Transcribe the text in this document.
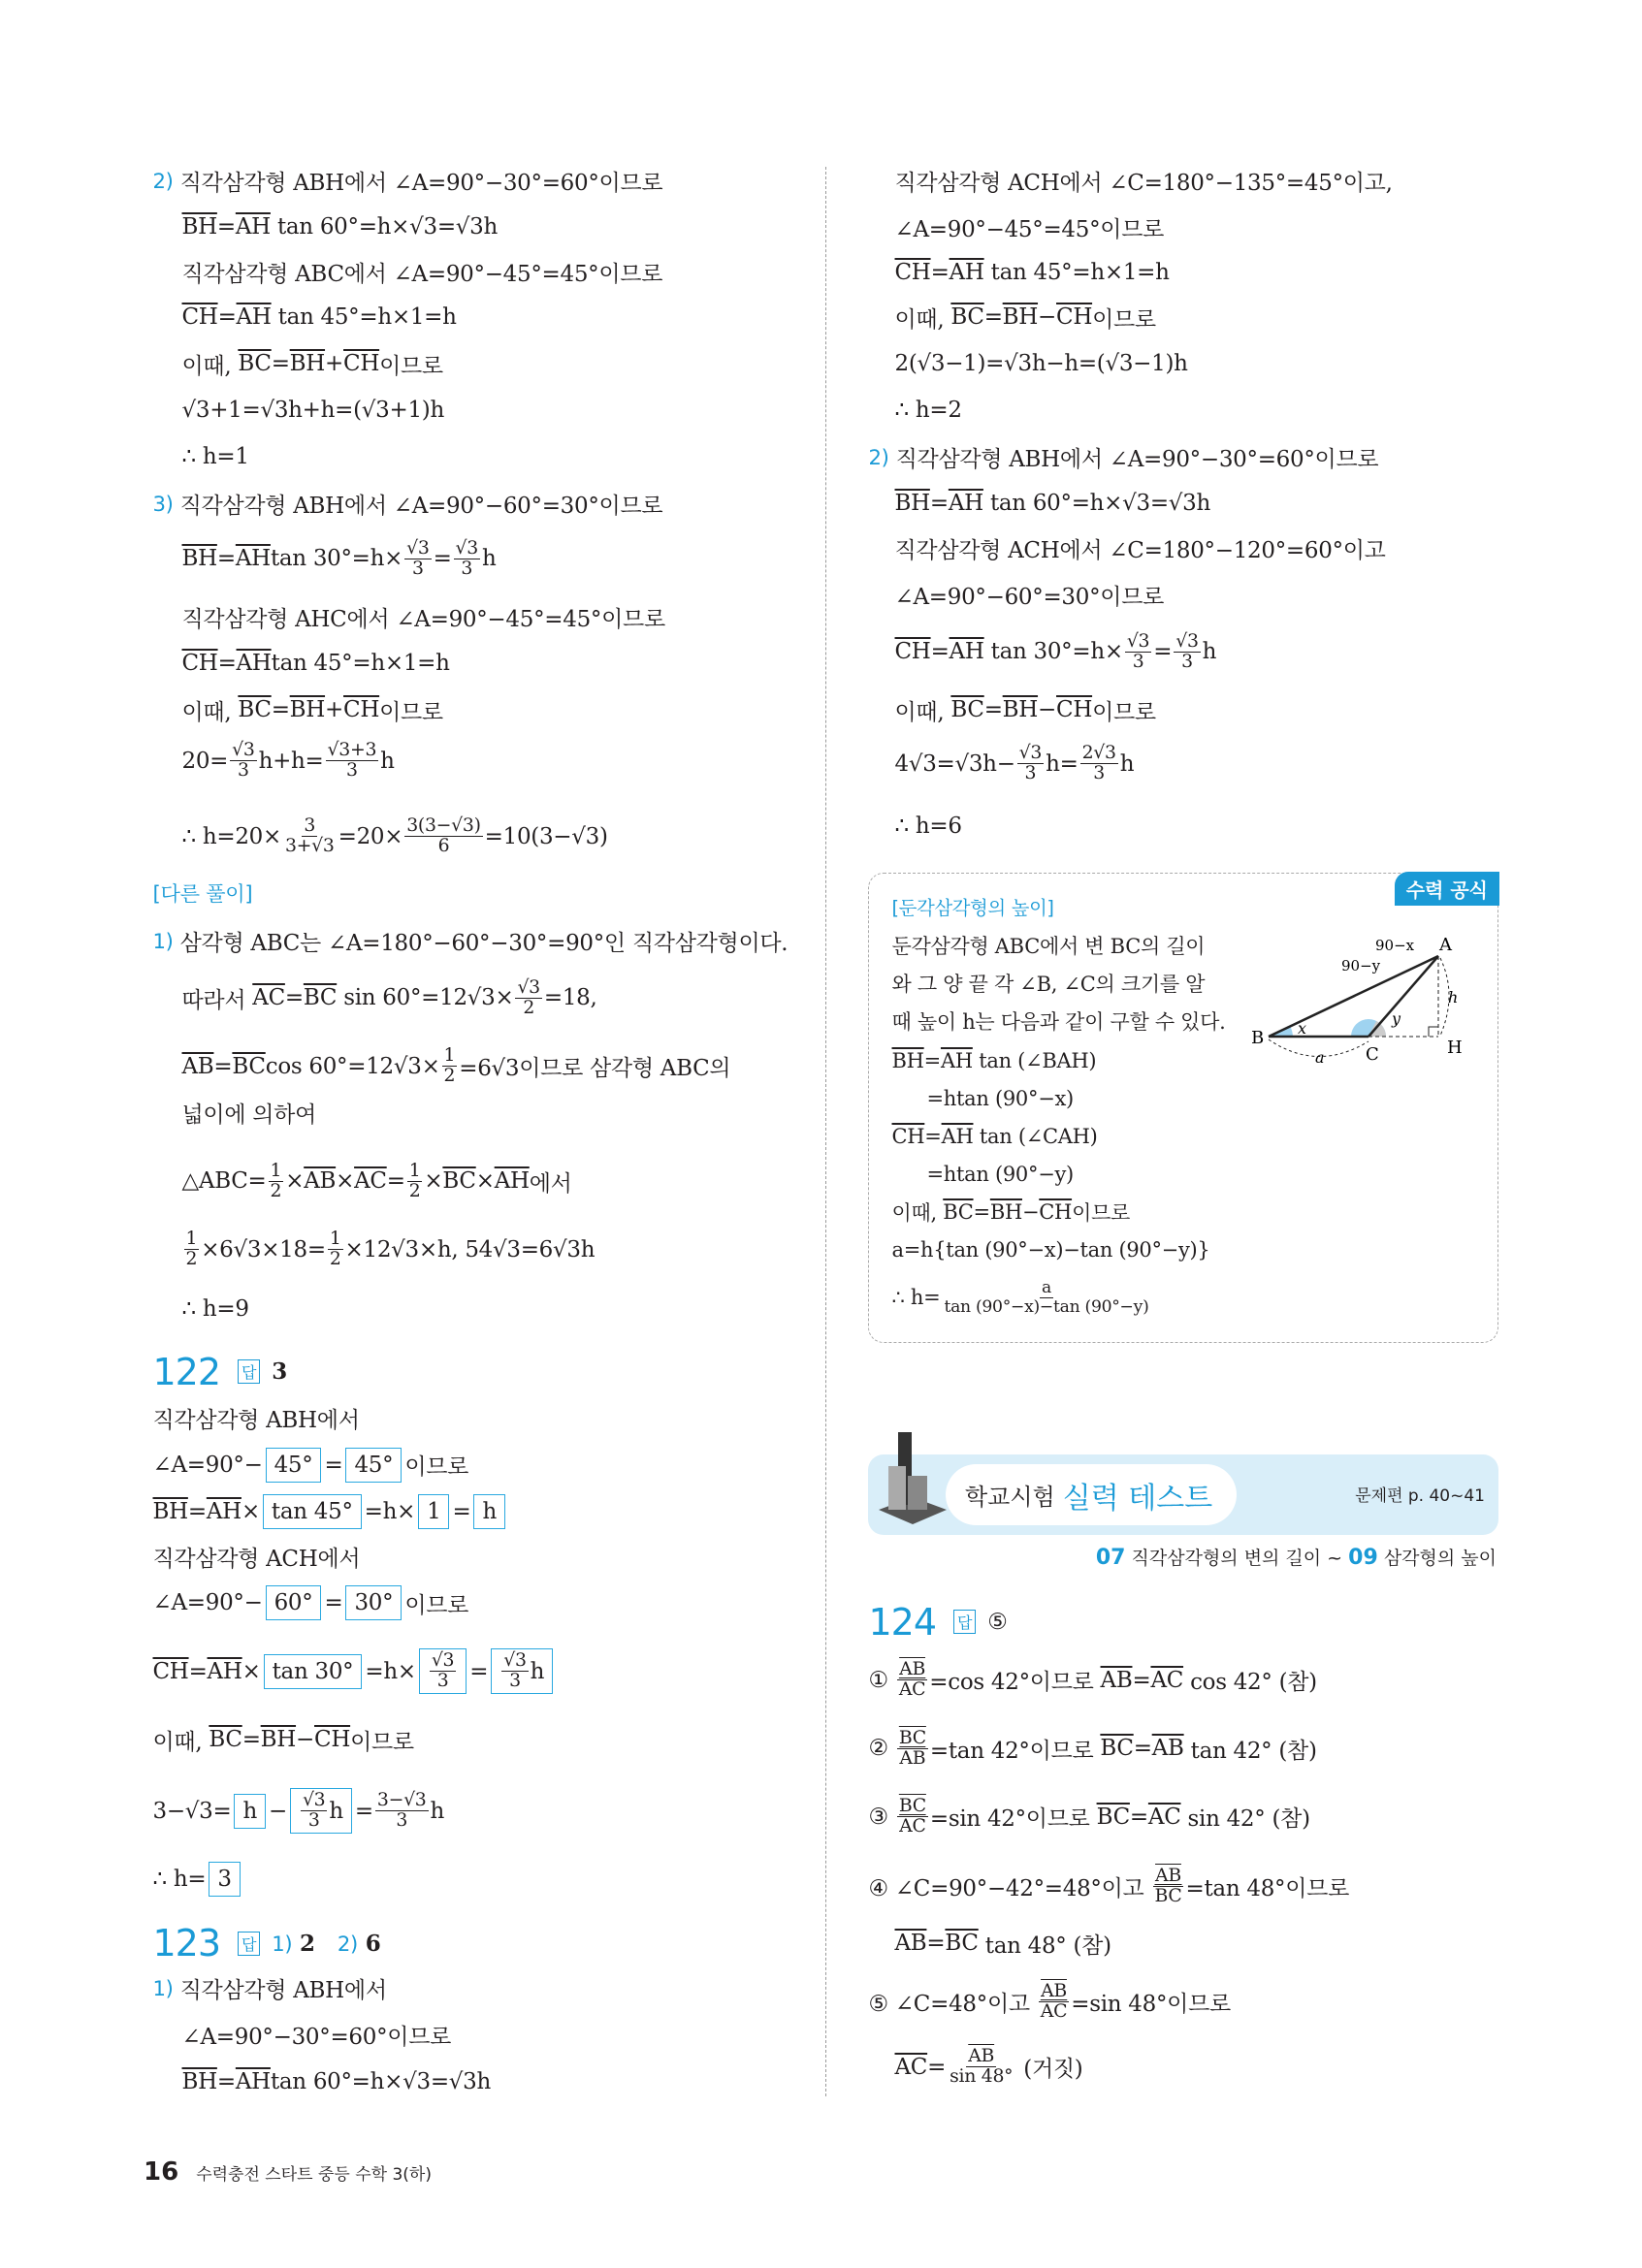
2) 직각삼각형 ABH에서 ∠A=90°−30°=60°이므로
$\overline{BH} = \overline{AH}$ tan 60°=h×√3=√3h
직각삼각형 ABC에서 ∠A=90°−45°=45°이므로
$\overline{CH} = \overline{AH}$ tan 45°=h×1=h
이때, $\overline{BC} = \overline{BH} + \overline{CH}$ 이므로
√3+1=√3h+h=(√3+1)h
∴ h=1
3) 직각삼각형 ABH에서 ∠A=90°−60°=30°이므로
$\overline{BH} = \overline{AH}$ $\tan 30^\circ=h\times \frac{√3}{3} = \frac{√3}{3}$ h
직각삼각형 AHC에서 ∠A=90°−45°=45°이므로
$\overline{CH} = \overline{AH}$ tan 45°=h×1=h
이때, $\overline{BC} = \overline{BH} + \overline{CH}$ 이므로
$20= \frac{√3}{3} h+h= \frac{√3+3}{3}$ h
∴ $h=20\times \frac{3}{3+√3} =20\times \frac{3(3-√3)}{6} =10(3-√3)$
[다른 풀이]
1) 삼각형 ABC는 ∠A=180°−60°−30°=90°인 직각삼각형이다.
따라서 $\overline{AC} = \overline{BC}$ $\sin 60^\circ=12√3\times \frac{√3}{2} =18$,
$\overline{AB} = \overline{BC}$ $\cos 60^\circ=12√3\times \frac{1}{2} =6√3$이므로 삼각형 ABC의
넓이에 의하여
△ABC= $\frac{1}{2} \times \overline{AB} \times \overline{AC} = \frac{1}{2} \times \overline{BC} \times \overline{AH}$ 에서
$\frac{1}{2} \times 6√3\times 18= \frac{1}{2} \times 12√3\times h$, 54√3=6√3h
∴ h=9
122 답 3
직각삼각형 ABH에서
∠A=90°− 45° = 45° 이므로
$\overline{BH} = \overline{AH} \times \tan 45^\circ =h\times 1 = h$
직각삼각형 ACH에서
∠A=90°− 60° = 30° 이므로
$\overline{CH} = \overline{AH} \times \tan 30^\circ =h\times \frac{√3}{3} = \frac{√3}{3}$ h
이때, $\overline{BC} = \overline{BH} - \overline{CH}$ 이므로
$3-√3= h - \frac{√3}{3}$ $h = \frac{3-√3}{3}$ h
∴ h= 3
123 답 1) 2 2) 6
1) 직각삼각형 ABH에서
∠A=90°−30°=60°이므로
$\overline{BH} = \overline{AH}$ tan 60°=h×√3=√3h
직각삼각형 ACH에서 ∠C=180°−135°=45°이고,
∠A=90°−45°=45°이므로
$\overline{CH} = \overline{AH}$ tan 45°=h×1=h
이때, $\overline{BC} = \overline{BH} - \overline{CH}$ 이므로
2(√3−1)=√3h−h=(√3−1)h
∴ h=2
2) 직각삼각형 ABH에서 ∠A=90°−30°=60°이므로
$\overline{BH} = \overline{AH}$ tan 60°=h×√3=√3h
직각삼각형 ACH에서 ∠C=180°−120°=60°이고
∠A=90°−60°=30°이므로
$\overline{CH} = \overline{AH}$ $\tan 30^\circ=h\times \frac{√3}{3} = \frac{√3}{3}$ h
이때, $\overline{BC} = \overline{BH} - \overline{CH}$ 이므로
$4√3=√3h- \frac{√3}{3} h= \frac{2√3}{3}$ h
∴ h=6
124 답 ⑤
① $\frac{\overline{AB}}{AC} =\cos$ 42°이므로 $\overline{AB} = \overline{AC}$ cos 42° (참)
② $\frac{\overline{BC}}{AB} =\tan$ 42°이므로 $\overline{BC} = \overline{AB}$ tan 42° (참)
③ $\frac{\overline{BC}}{AC} =\sin$ 42°이므로 $\overline{BC} = \overline{AC}$ sin 42° (참)
④ ∠C=90°−42°=48°이고 $\frac{\overline{AB}}{BC} =\tan$ 48°이므로
$\overline{AB} = \overline{BC}$ tan 48° (참)
⑤ ∠C=48°이고 $\frac{\overline{AB}}{AC} =\sin$ 48°이므로
$\overline{AC} = \frac{\overline{AB}}{\sin 48^\circ}$ (거짓)
수력 공식
A
B
C	H
x
y
h
a
90−x
90−y
[둔각삼각형의 높이]
둔각삼각형 ABC에서 변 BC의 길이
와 그 양 끝 각 ∠B, ∠C의 크기를 알
때 높이 h는 다음과 같이 구할 수 있다.
$\overline{BH} = \overline{AH}$ tan (∠BAH)
=htan (90°−x)
$\overline{CH} = \overline{AH}$ tan (∠CAH)
=htan (90°−y)
이때, $\overline{BC} = \overline{BH} - \overline{CH}$ 이므로
a=h{tan (90°−x)−tan (90°−y)}
∴ $h= \frac{a}{\tan (90^\circ-x)-\tan (90^\circ-y)}$
학교시험 실력 테스트	문제편 p. 40~41
07 직각삼각형의 변의 길이 ~ 09 삼각형의 높이
16 수력충전 스타트 중등 수학 3(하)
